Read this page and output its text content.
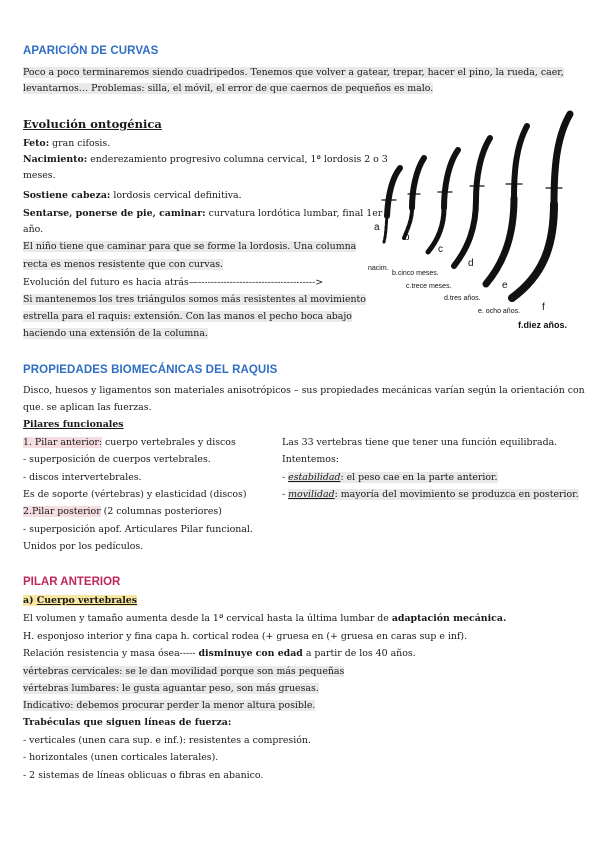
APARICIÓN DE CURVAS
Poco a poco terminaremos siendo cuadripedos. Tenemos que volver a gatear, trepar, hacer el pino, la rueda, caer,
levantarnos… Problemas: silla, el móvil, el error de que caernos de pequeños es malo.
Evolución ontogénica
Feto: gran cifosis.
Nacimiento: enderezamiento progresivo columna cervical, 1ª lordosis 2 o 3
meses.
Sostiene cabeza: lordosis cervical definitiva.
Sentarse, ponerse de pie, caminar: curvatura lordótica lumbar, final 1er
año.
El niño tiene que caminar para que se forme la lordosis. Una columna
recta es menos resistente que con curvas.
Evolución del futuro es hacia atrás—------------------------------------->
Si mantenemos los tres triángulos somos más resistentes al movimiento
estrella para el raquis: extensión. Con las manos el pecho boca abajo
haciendo una extensión de la columna.
a
b
c
d
e
f
nacim.
b.cinco meses.
c.trece meses.
d.tres años.
e. ocho años.
f.diez años.
PROPIEDADES BIOMECÁNICAS DEL RAQUIS
Disco, huesos y ligamentos son materiales anisotrópicos – sus propiedades mecánicas varían según la orientación con
que. se aplican las fuerzas.
Pilares funcionales
1. Pilar anterior: cuerpo vertebrales y discos
- superposición de cuerpos vertebrales.
- discos intervertebrales.
Es de soporte (vértebras) y elasticidad (discos)
2.Pilar posterior (2 columnas posteriores)
- superposición apof. Articulares Pilar funcional.
Unidos por los pedículos.
Las 33 vertebras tiene que tener una función equilibrada.
Intentemos:
- estabilidad: el peso cae en la parte anterior.
- movilidad: mayoría del movimiento se produzca en posterior.
PILAR ANTERIOR
a) Cuerpo vertebrales
El volumen y tamaño aumenta desde la 1ª cervical hasta la última lumbar de adaptación mecánica.
H. esponjoso interior y fina capa h. cortical rodea (+ gruesa en (+ gruesa en caras sup e inf).
Relación resistencia y masa ósea----- disminuye con edad a partir de los 40 años.
vértebras cervicales: se le dan movilidad porque son más pequeñas
vértebras lumbares: le gusta aguantar peso, son más gruesas.
Indicativo: debemos procurar perder la menor altura posible.
Trabéculas que siguen líneas de fuerza:
- verticales (unen cara sup. e inf.): resistentes a compresión.
- horizontales (unen corticales laterales).
- 2 sistemas de líneas oblicuas o fibras en abanico.
